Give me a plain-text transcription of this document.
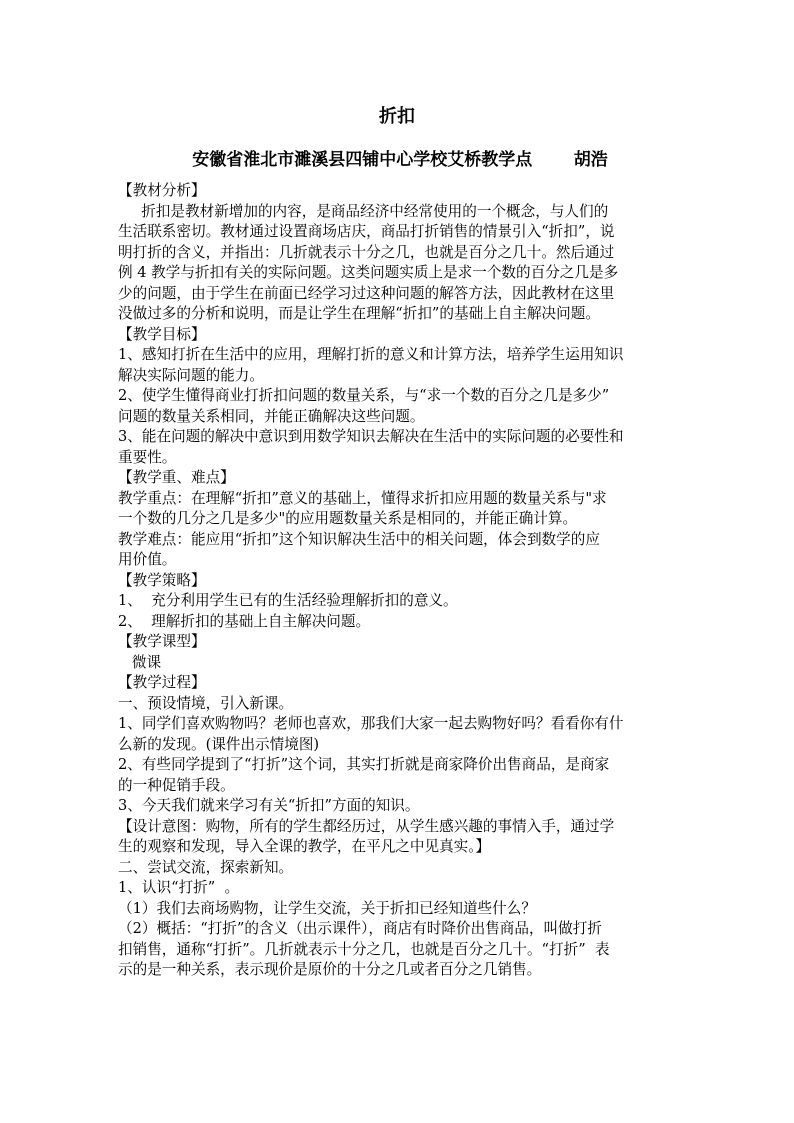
折扣
安徽省淮北市濉溪县四铺中心学校艾桥教学点       胡浩
【教材分析】
折扣是教材新增加的内容，是商品经济中经常使用的一个概念，与人们的
生活联系密切。教材通过设置商场店庆，商品打折销售的情景引入“折扣”，说
明打折的含义，并指出：几折就表示十分之几，也就是百分之几十。然后通过
例 4 教学与折扣有关的实际问题。这类问题实质上是求一个数的百分之几是多
少的问题，由于学生在前面已经学习过这种问题的解答方法，因此教材在这里
没做过多的分析和说明，而是让学生在理解“折扣”的基础上自主解决问题。
【教学目标】
1、感知打折在生活中的应用，理解打折的意义和计算方法，培养学生运用知识
解决实际问题的能力。
2、使学生懂得商业打折扣问题的数量关系，与“求一个数的百分之几是多少”
问题的数量关系相同，并能正确解决这些问题。
3、能在问题的解决中意识到用数学知识去解决在生活中的实际问题的必要性和
重要性。
【教学重、难点】
教学重点：在理解“折扣”意义的基础上，懂得求折扣应用题的数量关系与"求
一个数的几分之几是多少"的应用题数量关系是相同的，并能正确计算。
教学难点：能应用“折扣”这个知识解决生活中的相关问题，体会到数学的应
用价值。
【教学策略】
1、  充分利用学生已有的生活经验理解折扣的意义。
2、  理解折扣的基础上自主解决问题。
【教学课型】
微课
【教学过程】
一、预设情境，引入新课。
1、同学们喜欢购物吗？老师也喜欢，那我们大家一起去购物好吗？看看你有什
么新的发现。(课件出示情境图)
2、有些同学提到了“打折”这个词，其实打折就是商家降价出售商品，是商家
的一种促销手段。
3、今天我们就来学习有关“折扣”方面的知识。
【设计意图：购物，所有的学生都经历过，从学生感兴趣的事情入手，通过学
生的观察和发现，导入全课的教学，在平凡之中见真实。】
二、尝试交流，探索新知。
1、认识“打折”  。
（1）我们去商场购物，让学生交流，关于折扣已经知道些什么？
（2）概括：“打折”的含义（出示课件），商店有时降价出售商品，叫做打折
扣销售，通称“打折”。几折就表示十分之几，也就是百分之几十。“打折”  表
示的是一种关系，表示现价是原价的十分之几或者百分之几销售。
